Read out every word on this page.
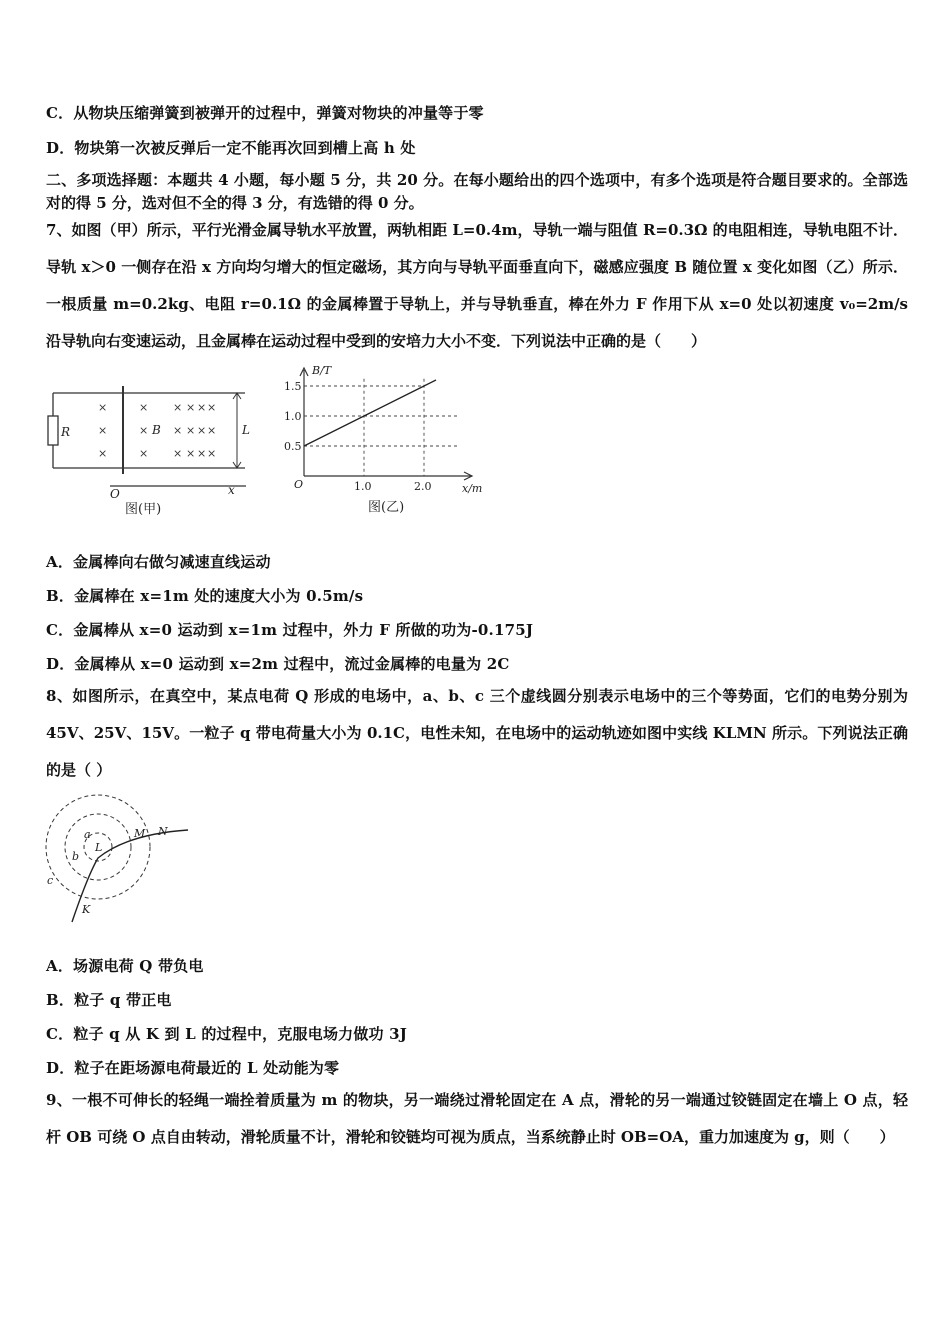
C．从物块压缩弹簧到被弹开的过程中，弹簧对物块的冲量等于零
D．物块第一次被反弹后一定不能再次回到槽上高 h 处
二、多项选择题：本题共 4 小题，每小题 5 分，共 20 分。在每小题给出的四个选项中，有多个选项是符合题目要求的。全部选对的得 5 分，选对但不全的得 3 分，有选错的得 0 分。
7、如图（甲）所示，平行光滑金属导轨水平放置，两轨相距 L=0.4m，导轨一端与阻值 R=0.3Ω 的电阻相连，导轨电阻不计．导轨 x＞0 一侧存在沿 x 方向均匀增大的恒定磁场，其方向与导轨平面垂直向下，磁感应强度 B 随位置 x 变化如图（乙）所示．一根质量 m=0.2kg、电阻 r=0.1Ω 的金属棒置于导轨上，并与导轨垂直，棒在外力 F 作用下从 x=0 处以初速度 v₀=2m/s 沿导轨向右变速运动，且金属棒在运动过程中受到的安培力大小不变．下列说法中正确的是（　　）
R
×
×
×
×
×
×
× × × ×
× × × ×
× × × ×
B	L
O	x
图(甲)
1.5
1.0
0.5
1.0	2.0
B/T
x/m
O
图(乙)
A．金属棒向右做匀减速直线运动
B．金属棒在 x=1m 处的速度大小为 0.5m/s
C．金属棒从 x=0 运动到 x=1m 过程中，外力 F 所做的功为-0.175J
D．金属棒从 x=0 运动到 x=2m 过程中，流过金属棒的电量为 2C
8、如图所示，在真空中，某点电荷 Q 形成的电场中，a、b、c 三个虚线圆分别表示电场中的三个等势面，它们的电势分别为 45V、25V、15V。一粒子 q 带电荷量大小为 0.1C，电性未知，在电场中的运动轨迹如图中实线 KLMN 所示。下列说法正确的是（ ）
a
b
c
L
M N
K
A．场源电荷 Q 带负电
B．粒子 q 带正电
C．粒子 q 从 K 到 L 的过程中，克服电场力做功 3J
D．粒子在距场源电荷最近的 L 处动能为零
9、一根不可伸长的轻绳一端拴着质量为 m 的物块，另一端绕过滑轮固定在 A 点，滑轮的另一端通过铰链固定在墙上 O 点，轻杆 OB 可绕 O 点自由转动，滑轮质量不计，滑轮和铰链均可视为质点，当系统静止时 OB=OA，重力加速度为 g，则（　　）
